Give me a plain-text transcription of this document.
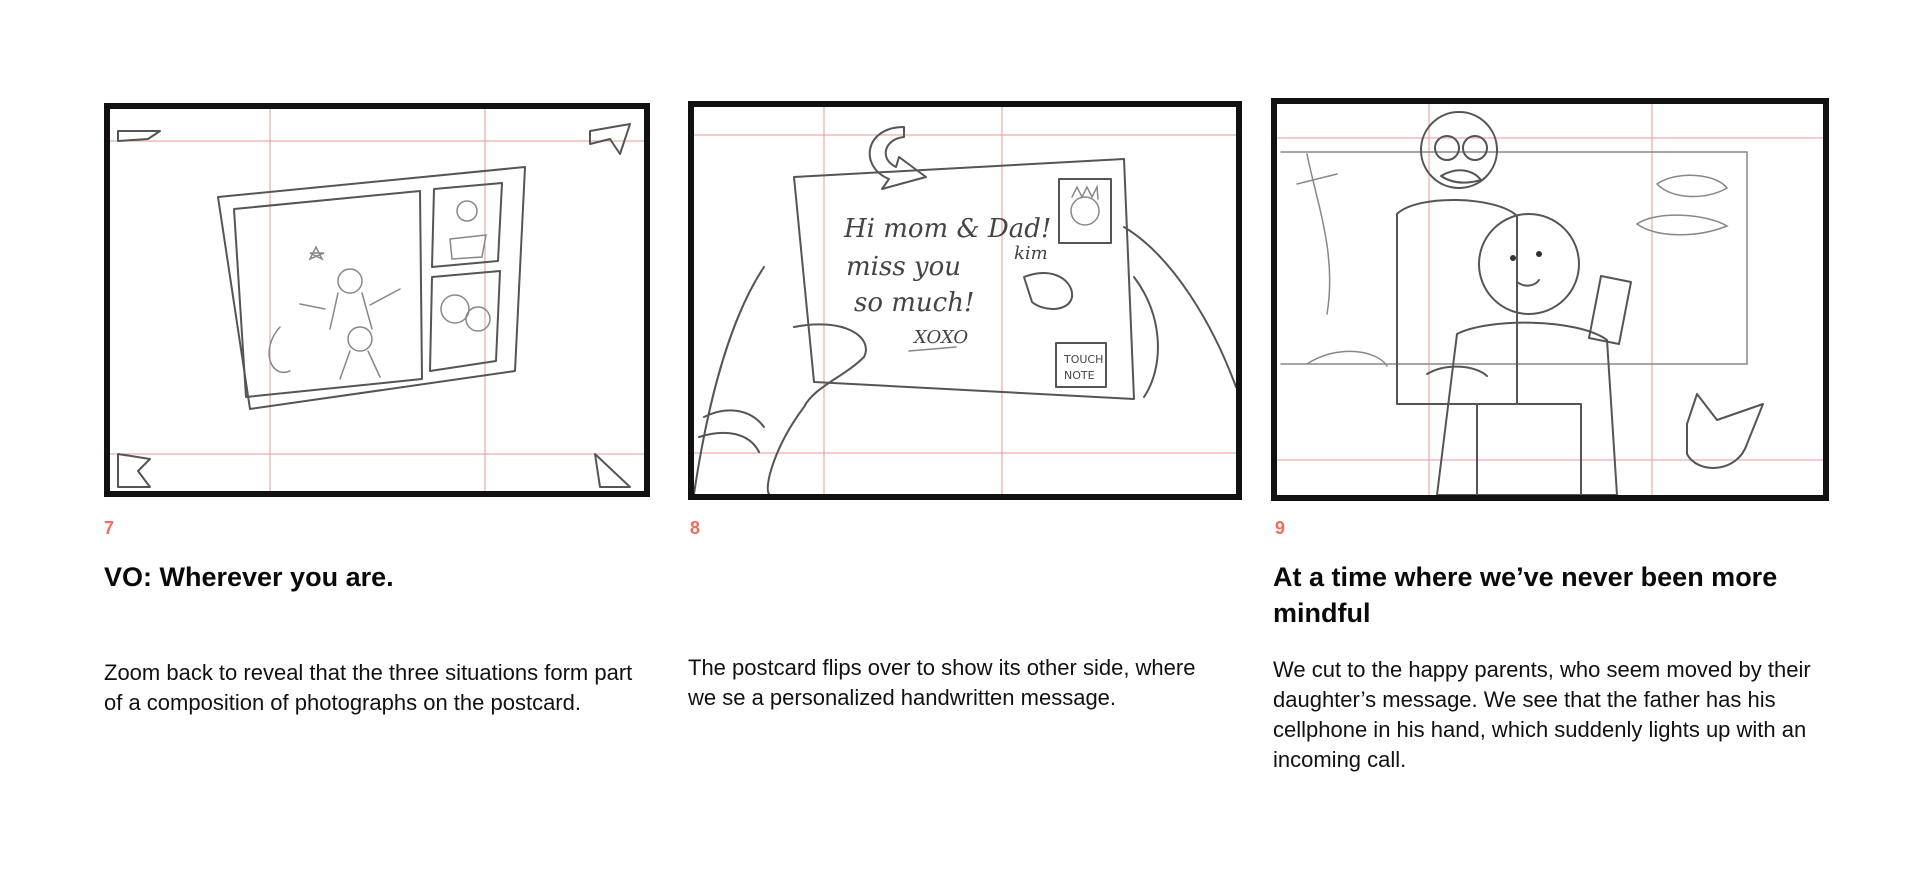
7
VO: Wherever you are.

Zoom back to reveal that the three situations form part of a composition of photographs on the postcard.

Hi mom & Dad!
miss you
so much!
XOXO
kim
TOUCH
NOTE
8

The postcard flips over to show its other side, where we se a personalized handwritten message.

9
At a time where we’ve never been more mindful

We cut to the happy parents, who seem moved by their daughter’s message. We see that the father has his cellphone in his hand, which suddenly lights up with an incoming call.
